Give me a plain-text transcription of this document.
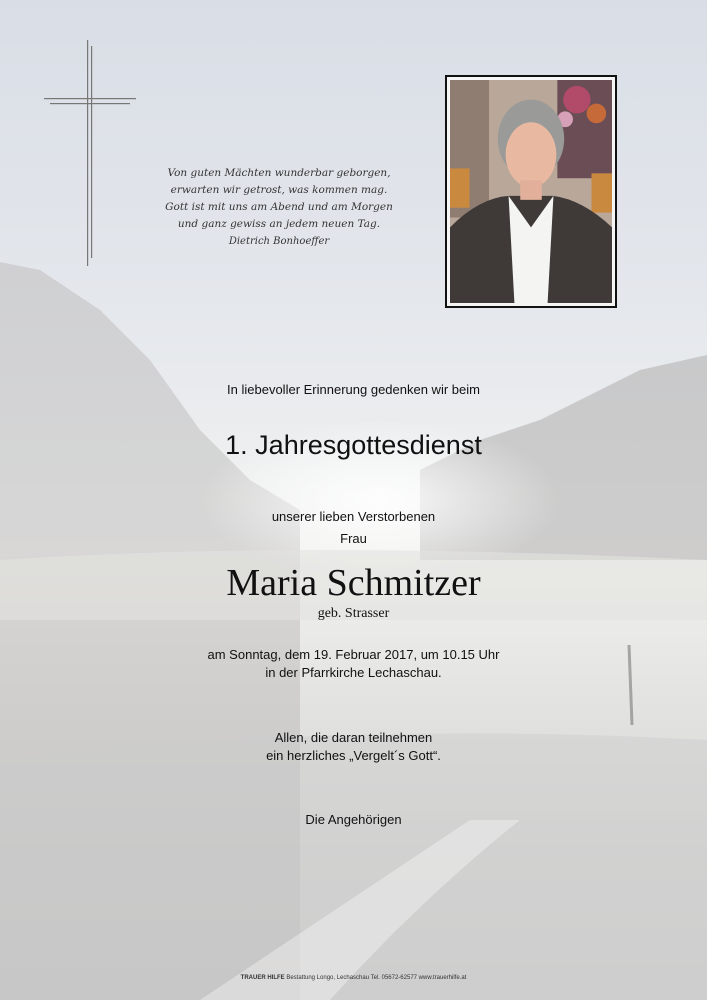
Von guten Mächten wunderbar geborgen,
erwarten wir getrost, was kommen mag.
Gott ist mit uns am Abend und am Morgen
und ganz gewiss an jedem neuen Tag.
Dietrich Bonhoeffer
In liebevoller Erinnerung gedenken wir beim
1. Jahresgottesdienst
unserer lieben Verstorbenen
Frau
Maria Schmitzer
geb. Strasser
am Sonntag, dem 19. Februar 2017, um 10.15 Uhr
in der Pfarrkirche Lechaschau.
Allen, die daran teilnehmen
ein herzliches „Vergelt´s Gott“.
Die Angehörigen
TRAUER HILFE Bestattung Longo, Lechaschau Tel. 05672-62577 www.trauerhilfe.at
